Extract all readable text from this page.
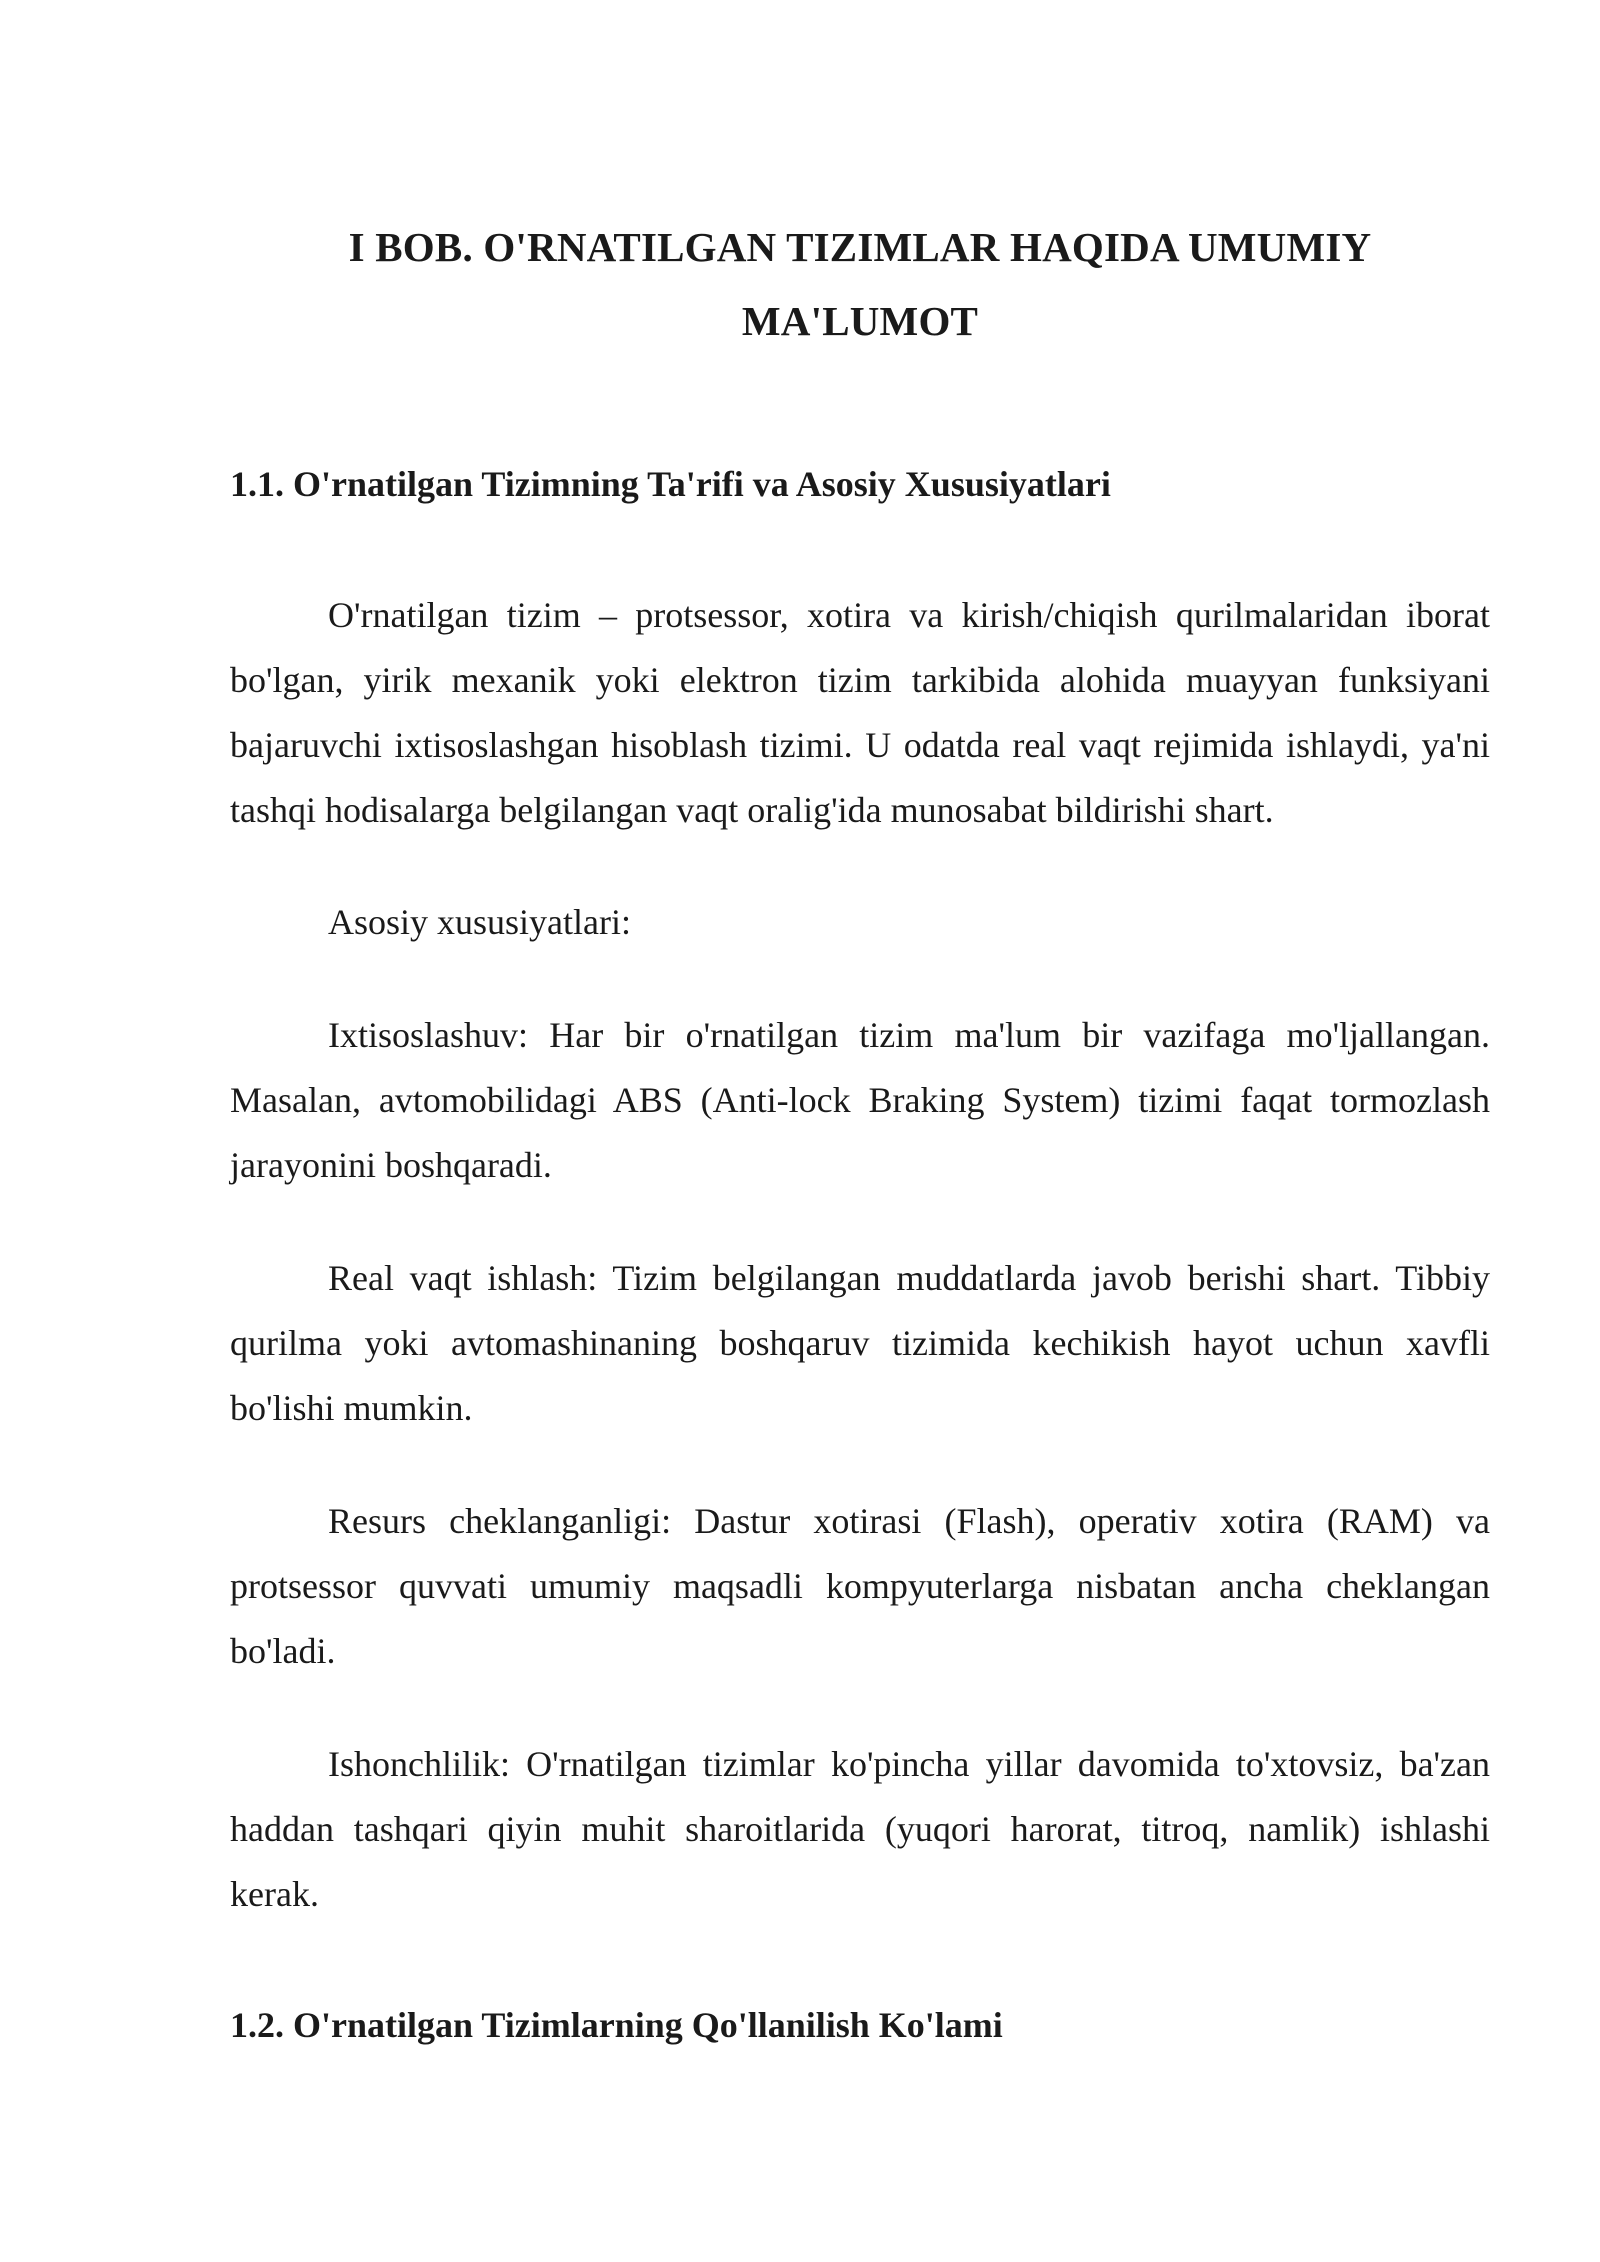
I BOB. O'RNATILGAN TIZIMLAR HAQIDA UMUMIY MA'LUMOT
1.1. O'rnatilgan Tizimning Ta'rifi va Asosiy Xususiyatlari

O'rnatilgan tizim – protsessor, xotira va kirish/chiqish qurilmalaridan iborat bo'lgan, yirik mexanik yoki elektron tizim tarkibida alohida muayyan funksiyani bajaruvchi ixtisoslashgan hisoblash tizimi. U odatda real vaqt rejimida ishlaydi, ya'ni tashqi hodisalarga belgilangan vaqt oralig'ida munosabat bildirishi shart.

Asosiy xususiyatlari:

Ixtisoslashuv: Har bir o'rnatilgan tizim ma'lum bir vazifaga mo'ljallangan. Masalan, avtomobilidagi ABS (Anti-lock Braking System) tizimi faqat tormozlash jarayonini boshqaradi.

Real vaqt ishlash: Tizim belgilangan muddatlarda javob berishi shart. Tibbiy qurilma yoki avtomashinaning boshqaruv tizimida kechikish hayot uchun xavfli bo'lishi mumkin.

Resurs cheklanganligi: Dastur xotirasi (Flash), operativ xotira (RAM) va protsessor quvvati umumiy maqsadli kompyuterlarga nisbatan ancha cheklangan bo'ladi.

Ishonchlilik: O'rnatilgan tizimlar ko'pincha yillar davomida to'xtovsiz, ba'zan haddan tashqari qiyin muhit sharoitlarida (yuqori harorat, titroq, namlik) ishlashi kerak.

1.2. O'rnatilgan Tizimlarning Qo'llanilish Ko'lami
